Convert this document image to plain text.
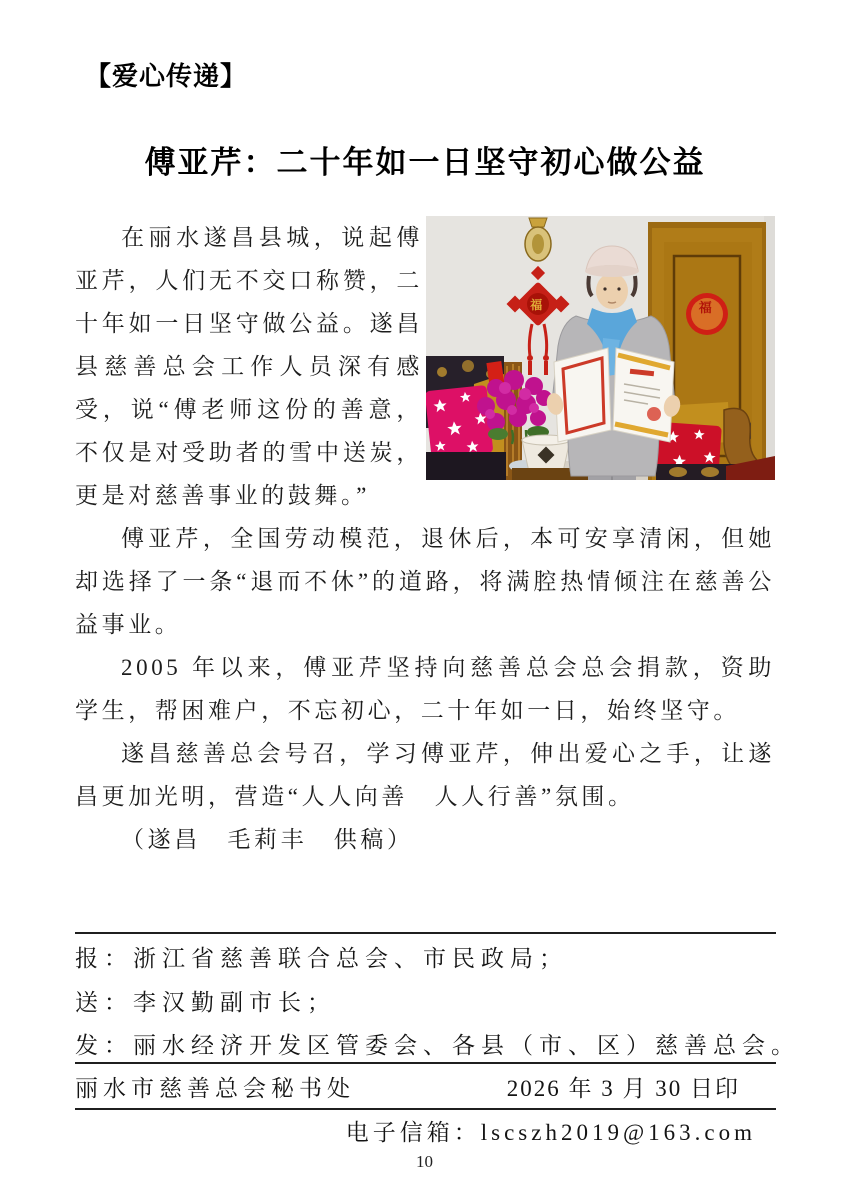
【爱心传递】
傅亚芹：二十年如一日坚守初心做公益
福
福

在丽水遂昌县城，说起傅亚芹，人们无不交口称赞，二十年如一日坚守做公益。遂昌县慈善总会工作人员深有感受，说“傅老师这份的善意，不仅是对受助者的雪中送炭，更是对慈善事业的鼓舞。”

傅亚芹，全国劳动模范，退休后，本可安享清闲，但她却选择了一条“退而不休”的道路，将满腔热情倾注在慈善公益事业。

2005 年以来，傅亚芹坚持向慈善总会总会捐款，资助学生，帮困难户，不忘初心，二十年如一日，始终坚守。

遂昌慈善总会号召，学习傅亚芹，伸出爱心之手，让遂昌更加光明，营造“人人向善　人人行善”氛围。

（遂昌　毛莉丰　供稿）

报：浙江省慈善联合总会、市民政局；
送：李汉勤副市长；
发：丽水经济开发区管委会、各县（市、区）慈善总会。
丽水市慈善总会秘书处	2026 年 3 月 30 日印
电子信箱：lscszh2019@163.com
10
